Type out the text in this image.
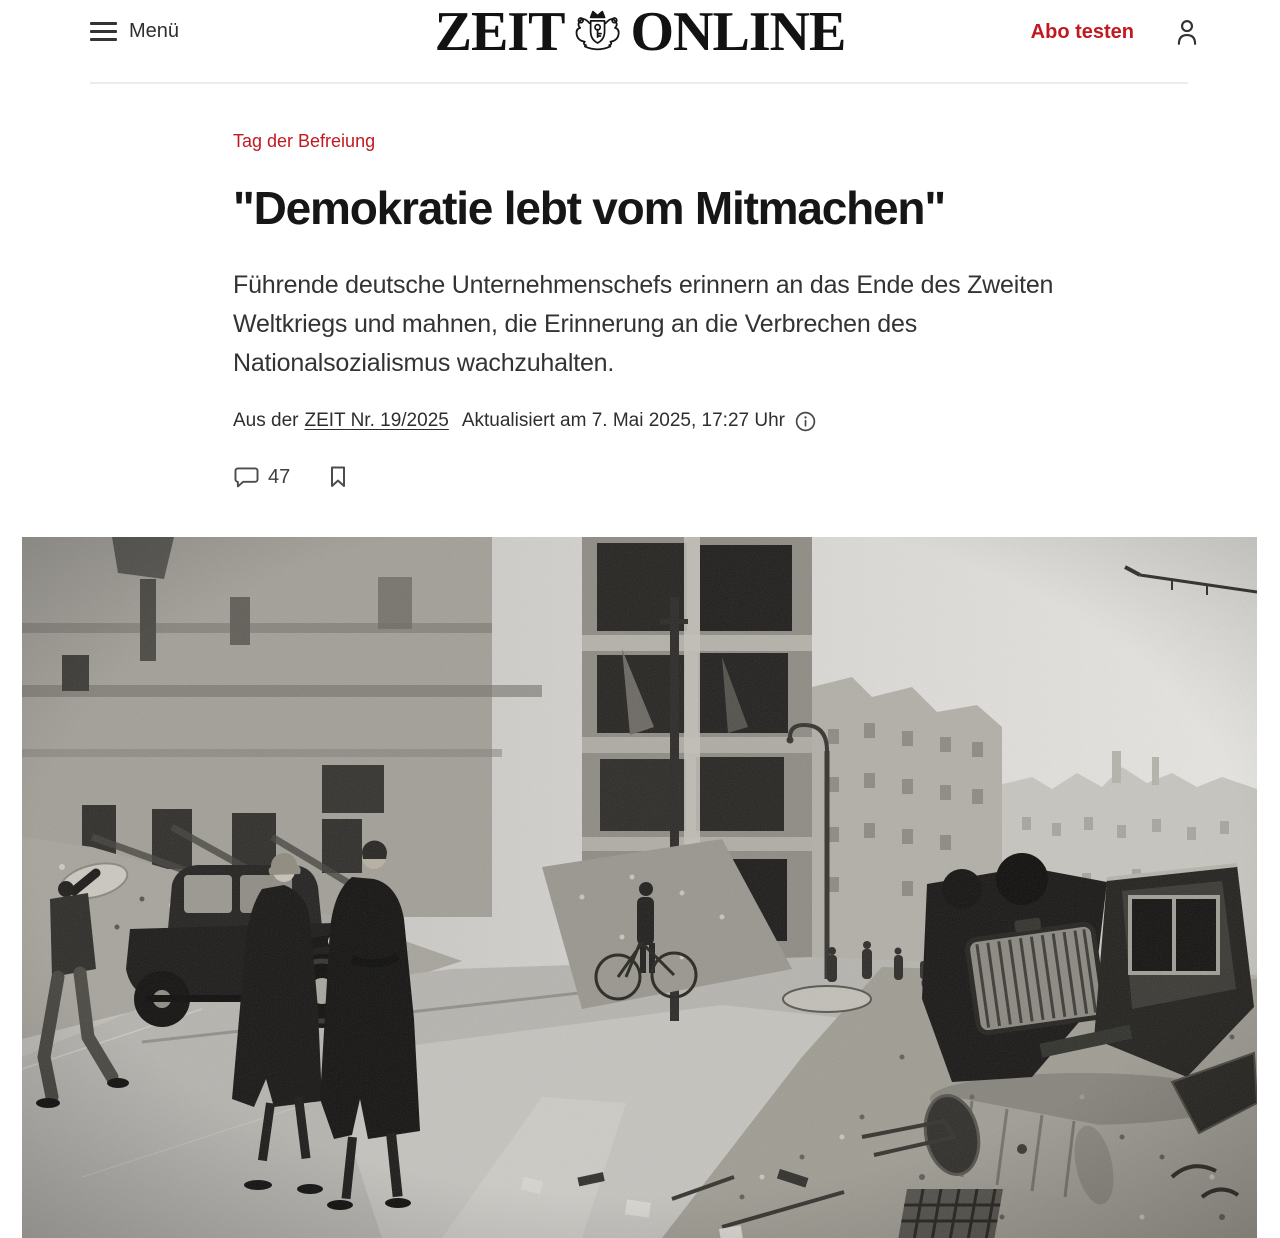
Menü	ZEIT ONLINE	Abo testen
Tag der Befreiung
"Demokratie lebt vom Mitmachen"
Führende deutsche Unternehmenschefs erinnern an das Ende des Zweiten
Weltkriegs und mahnen, die Erinnerung an die Verbrechen des
Nationalsozialismus wachzuhalten.
Aus der ZEIT Nr. 19/2025 Aktualisiert am 7. Mai 2025, 17:27 Uhr
47
